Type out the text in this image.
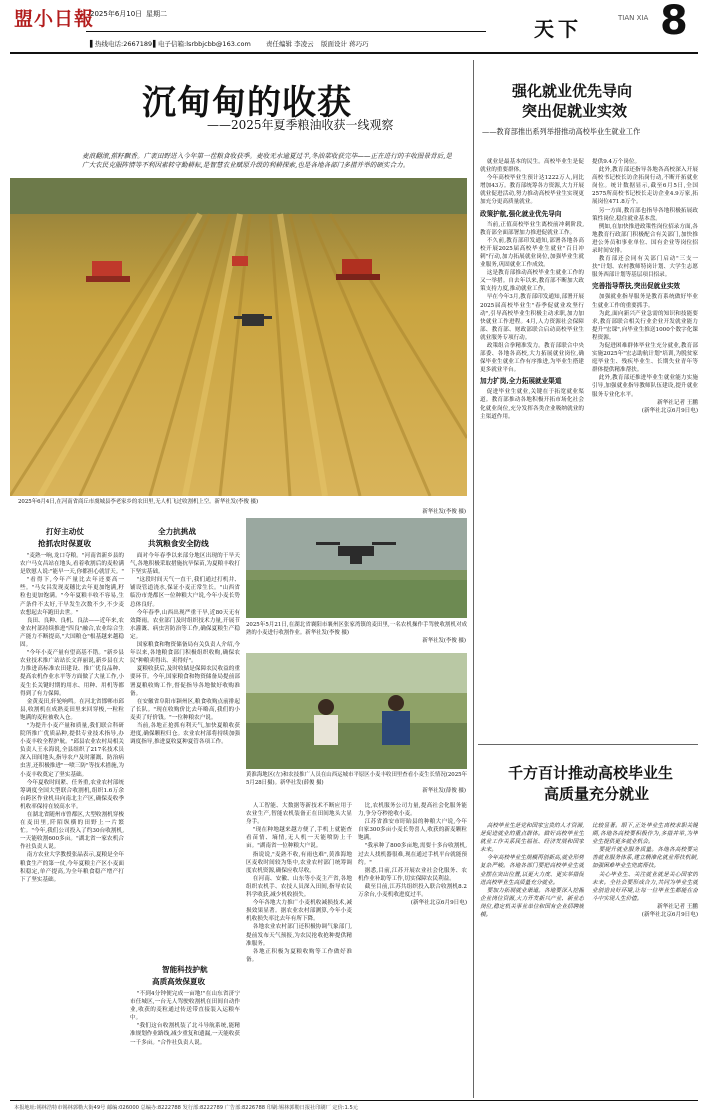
盟小日報
2025年6月10日 星期二
▌热线电话:2667189 ▌电子信箱:lsrbbjcbb@163.com 责任编辑 李凌云 版面设计 蒋巧巧
天下	TIAN XIA 8
沉甸甸的收获
——2025年夏季粮油收获一线观察
麦浪翻滚,蕉籽飘香。广袤田野进入今年第一茬粮食收获季。麦收无水逾夏过半,冬油菜收获完毕——正在进行的丰收图景背后,是广大农民克服阵情等不利因素转守勤耕耘,是智慧农业赋原升级的利耕探索,也是各地各部门多措并举的硕实合力。
2025年6月4日,在河南省商丘市虞城县李老家乡的农田里,无人机飞过收割机上空。新华社发(李俊 摄)
新华社发(李俊 摄)
打好主动仗
抢抓农时保夏收

"麦熟一晌,龙口夺粮。"河南省新乡县的农户马女昌站在地头,看着收割后的麦粒满是欣慰人说:"能早一天,你都担心就冒天。"

"看得下,今年产量比去年还要高一些。"马女昌发现麦穗比去年更加饱满,籽粒也更加饱满。"今年夏粮丰收不容易,生产条件不太好,干旱发生次数不少,不少麦农想起去年跑田去世。"

良田、良种、良机、良法——近年来,农业农村部持续推进"四良"融合,农业综合生产能力不断提高,"大国粮仓"根基越来越稳固。

"今年小麦产量有望高基不错。"新乡县农业技术推广站站长文祥丽说,新乡县在大力推进高标准农田建设、推广优良品种、提高农机作业水平等方面做了大量工作,小麦生长关键时期的用水、用种、用机等都得到了有力保障。

金黄麦田,轩轮响鸣。在河北省邯郸市邱县,收割机在成熟麦田里来回穿梭,一粒粒饱满的麦粒被收入仓。

"为提升小麦产量和质量,我们联合科研院所推广优质品种,提供专业技术指导,办小麦丰收全程护航。"邱县农业农村局相关负责人王永海说,全县组织了217名技术员深入田间地头,指导农户及时灌溉、防治病虫害,还积极推进"一喷三防"等技术措施,为小麦丰收奠定了坚实基础。

今年夏收时间紧、任务重,农业农村部统筹调度全国大型联合收割机,组织1.6万余台跨区作业机具向南北主产区,确保麦收季机收率保持在较高水平。

在湖北省随州市曾都区,大型收割机穿梭在麦田里,阡陌纵横的田野上一片繁忙。"今年,我们公司投入了约30台收割机,一天能收割600多亩。"湖北省一家农机合作社负责人说。

南方农业大学教授张晶表示,夏粮是全年粮食生产的第一仗,今年夏粮主产区小麦面积稳定,单产提高,为全年粮食稳产增产打下了坚实基础。

全力抗挑战
共筑粮食安全防线

面对今年春季以来部分地区出现的干旱天气,各地积极采取措施抗旱保苗,为夏粮丰收打下坚实基础。

"这段时间天气一直干,我们通过打机井、铺设管道浇水,保证小麦正常生长。"山西省临汾市尧都区一位种粮大户说,今年小麦长势总体良好。

今年春季,山西出现严重干旱,近80天无有效降雨。农业部门及时组织技术力量,开展节水灌溉、病虫害防治等工作,确保夏粮生产稳定。

国家粮食和物资储备局有关负责人介绍,今年以来,各地粮食部门积极组织收购,确保农民"种粮卖得出、卖得好"。

夏粮收获后,及时收储是保障农民收益的重要环节。今年,国家粮食和物资储备局提前部署夏粮收购工作,督促指导各地做好收购准备。

在安徽省阜阳市颍州区,粮食收购点前排起了长队。"现在收购价比去年略高,我们的小麦卖了好价钱。"一位种粮农户说。

当前,各地正抢抓有利天气,加快夏粮收获进度,确保颗粒归仓。农业农村部将持续加强调度指导,推进夏收夏种夏管各项工作。

智能科技护航
高质高效保夏收

"不到4分钟便完成一亩地!"在山东省济宁市任城区,一台无人驾驶收割机在田间自动作业,收获的麦粒通过传送带直接装入运粮车中。

"我们这台收割机装了北斗导航系统,能精准规划作业路线,减少重复和遗漏,一天能收获一千多亩。"合作社负责人说。

2025年5月21日,在湖北省襄阳市襄州区张家湾镇的麦田里,一名农机操作手驾驶收割机对成熟的小麦进行收割作业。新华社发(李俊 摄)
新华社发(李俊 摄)
黄淮海地区(左)和农技推广人员在山西运城市平原区小麦丰收田里查看小麦生长情况(2025年5月28日摄)。新华社发(薛俊 摄)
新华社发(薛俊 摄)

人工智能、大数据等新技术不断应用于农业生产,智能农机装备正在田间地头大显身手。

"现在种地越来越方便了,手机上就能查看苗情、墒情,无人机一天能喷防上千亩。"湖南省一位种粮大户说。

指说说,"麦熟不收,有雨也难",黄淮海地区麦收时间较为集中,农业农村部门统筹调度农机资源,确保应收尽收。

在河南、安徽、山东等小麦主产省,各地组织农机手、农技人员深入田间,指导农民科学收获,减少机收损失。

今年各地大力推广小麦机收减损技术,减损效果显著。据农业农村部测算,今年小麦机收损失率比去年有所下降。

各地农业农村部门还积极协调气象部门,提前发布天气预报,为农民抢收抢种提供精准服务。

各地正积极为夏粮收购等工作做好准备。

比,农机服务公司力量,提高社会化服务能力,争分夺秒抢收小麦。

江苏省淮安市盱眙县的种粮大户说,今年自家300多亩小麦长势喜人,收获的新麦颗粒饱满。

"我承种了800多亩地,需要十多台收割机,过去人找机器很难,现在通过手机平台就能预约。"

据悉,目前,江苏开展农业社会化服务、农机作业补助等工作,切实保障农民利益。

截至目前,江苏共组织投入联合收割机8.2万余台,小麦机收进度过半。

(新华社北京6月9日电)

强化就业优先导向
突出促就业实效
——教育部推出系列举措推动高校毕业生就业工作

就业是最基本的民生。高校毕业生是促就业的重要群体。

今年高校毕业生预计达1222万人,同比增加43万。教育部统筹各方资源,大力开展就业促进活动,努力推动高校毕业生实现更加充分更高质量就业。

政策护航,强化就业优先导向

当前,正值高校毕业生离校前冲刺阶段,教育部全面部署加力推进促就业工作。

不久前,教育部印发通知,部署各地各高校开展2025届高校毕业生就业"百日冲刺"行动,加力拓展就业岗位,加强毕业生就业服务,巩固就业工作成效。

这是教育部推动高校毕业生就业工作的又一举措。自去年以来,教育部不断加大政策支持力度,推动就业工作。

早在今年3月,教育部印发通知,部署开展2025届高校毕业生"春季促就业攻坚行动",引导高校毕业生积极主动求职,加力加快就业工作进程。4月,人力资源社会保障部、教育部、财政部联合启动高校毕业生就业服务专项行动。

政策组合拳精准发力。教育部联合中央部委、各地各高校,大力拓展就业岗位,确保毕业生就业工作有序推进,为毕业生搭建更多就业平台。

加力扩岗,全力拓展就业渠道

促进毕业生就业,关键在于拓宽就业渠道。教育部推动各地积极开拓市场化社会化就业岗位,充分发挥各类企业吸纳就业的主渠道作用。

提供9.4万个岗位。

此外,教育部还指导各地各高校深入开展高校书记校长访企拓岗行动,不断开拓就业岗位。统计数据显示,截至6月5日,全国2575所高校书记校长走访企业4.9万家,拓展岗位471.8万个。

另一方面,教育部也指导各地积极拓展政策性岗位,稳住就业基本盘。

例如,在加快推进政策性岗位招录方面,各地教育行政部门积极配合有关部门,加快推进公务员和事业单位、国有企业等岗位招录时间安排。

教育部还会同有关部门启动"三支一扶"计划、农村教师特岗计划、大学生志愿服务西部计划等基层项目招录。

完善指导帮扶,突出促就业实效

加强就业指导服务是教育系统做好毕业生就业工作的重要抓手。

为此,面向新兴产业急需的知识和技能要求,教育部联合相关行业企业开发就业能力提升"宏课",向毕业生推送1000个数字化课程资源。

为促进困难群体毕业生充分就业,教育部实施2025年"宏志助航计划"培训,为脱贫家庭毕业生、残疾毕业生、长期失业青年等群体提供精准帮扶。

此外,教育部还推进毕业生就业能力实施引导,加强就业指导教师队伍建设,提升就业服务专业化水平。

新华社记者 王鹏

(新华社北京6月9日电)

千方百计推动高校毕业生
高质量充分就业

高校毕业生是党和国家宝贵的人才资源,是促进就业的重点群体。做好高校毕业生就业工作关系民生福祉、经济发展和国家未来。

今年高校毕业生规模再创新高,就业形势复杂严峻。各地各部门要把高校毕业生就业摆在突出位置,以更大力度、更实举措促进高校毕业生高质量充分就业。

要加力拓展就业渠道。各地要深入挖掘企业岗位资源,大力开发新兴产业、新业态岗位,稳定机关事业单位和国有企业招聘规模。

比较显著。眼下,正处毕业生离校求职关键期,各地各高校要积极作为,多措并举,为毕业生提供更多就业机会。

要提升就业服务质量。各地各高校要完善就业服务体系,建立精准化就业帮扶机制,加强困难毕业生兜底帮扶。

关心毕业生、关注就业就是关心国家的未来。全社会要形成合力,共同为毕业生就业创造良好环境,让每一位毕业生都能在奋斗中实现人生价值。

新华社记者 王鹏

(新华社北京6月9日电)

本报地址:锡林浩特市锡林郭勒大街49号 邮编:026000 总编办:8222788 发行部:8222789 广告部:8226788 印刷:锡林郭勒日报社印刷厂 定价:1.5元
